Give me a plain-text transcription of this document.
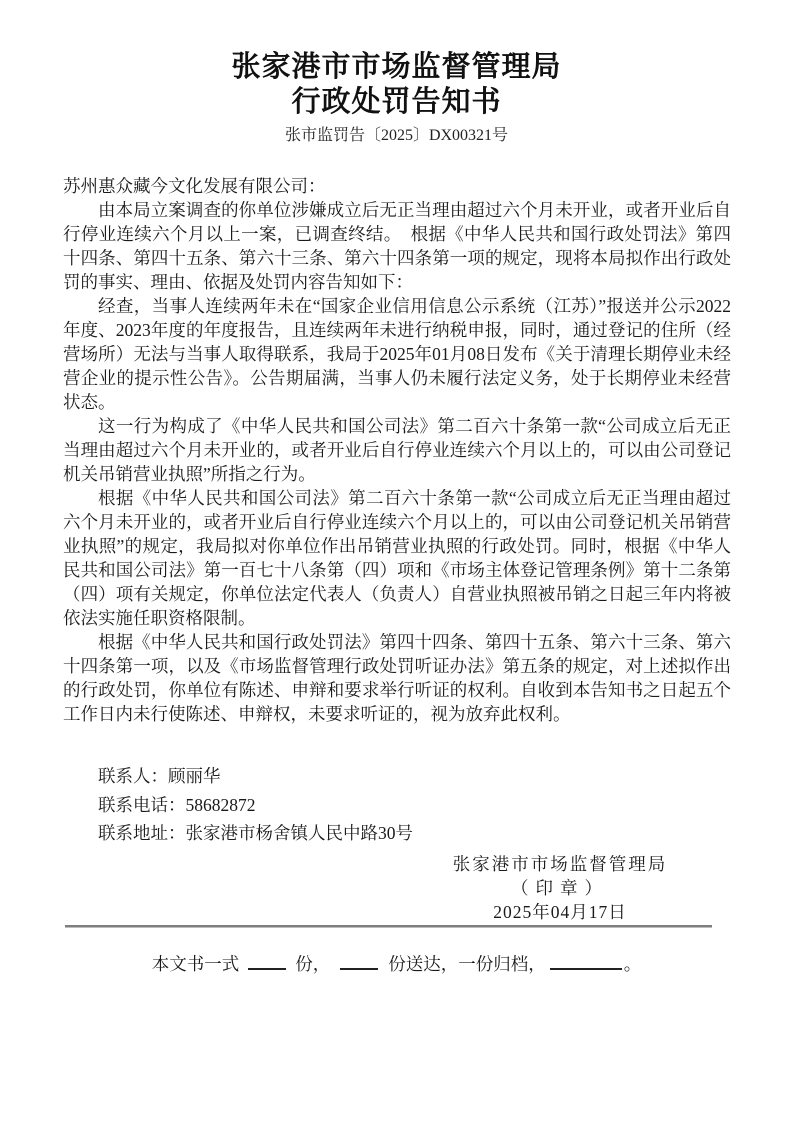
张家港市市场监督管理局
行政处罚告知书
张市监罚告〔2025〕DX00321号

苏州惠众藏今文化发展有限公司：

由本局立案调查的你单位涉嫌成立后无正当理由超过六个月未开业，或者开业后自行停业连续六个月以上一案，已调查终结。　根据《中华人民共和国行政处罚法》第四十四条、第四十五条、第六十三条、第六十四条第一项的规定，现将本局拟作出行政处罚的事实、理由、依据及处罚内容告知如下：

经查，当事人连续两年未在“国家企业信用信息公示系统（江苏）”报送并公示2022年度、2023年度的年度报告，且连续两年未进行纳税申报，同时，通过登记的住所（经营场所）无法与当事人取得联系，我局于2025年01月08日发布《关于清理长期停业未经营企业的提示性公告》。公告期届满，当事人仍未履行法定义务，处于长期停业未经营状态。

这一行为构成了《中华人民共和国公司法》第二百六十条第一款“公司成立后无正当理由超过六个月未开业的，或者开业后自行停业连续六个月以上的，可以由公司登记机关吊销营业执照”所指之行为。

根据《中华人民共和国公司法》第二百六十条第一款“公司成立后无正当理由超过六个月未开业的，或者开业后自行停业连续六个月以上的，可以由公司登记机关吊销营业执照”的规定，我局拟对你单位作出吊销营业执照的行政处罚。同时，根据《中华人民共和国公司法》第一百七十八条第（四）项和《市场主体登记管理条例》第十二条第（四）项有关规定，你单位法定代表人（负责人）自营业执照被吊销之日起三年内将被依法实施任职资格限制。

根据《中华人民共和国行政处罚法》第四十四条、第四十五条、第六十三条、第六十四条第一项，以及《市场监督管理行政处罚听证办法》第五条的规定，对上述拟作出的行政处罚，你单位有陈述、申辩和要求举行听证的权利。自收到本告知书之日起五个工作日内未行使陈述、申辩权，未要求听证的，视为放弃此权利。

联系人：顾丽华
联系电话：58682872
联系地址：张家港市杨舍镇人民中路30号
张家港市市场监督管理局
（印章）
2025年04月17日
本文书一式	份，	份送达，一份归档，	。
